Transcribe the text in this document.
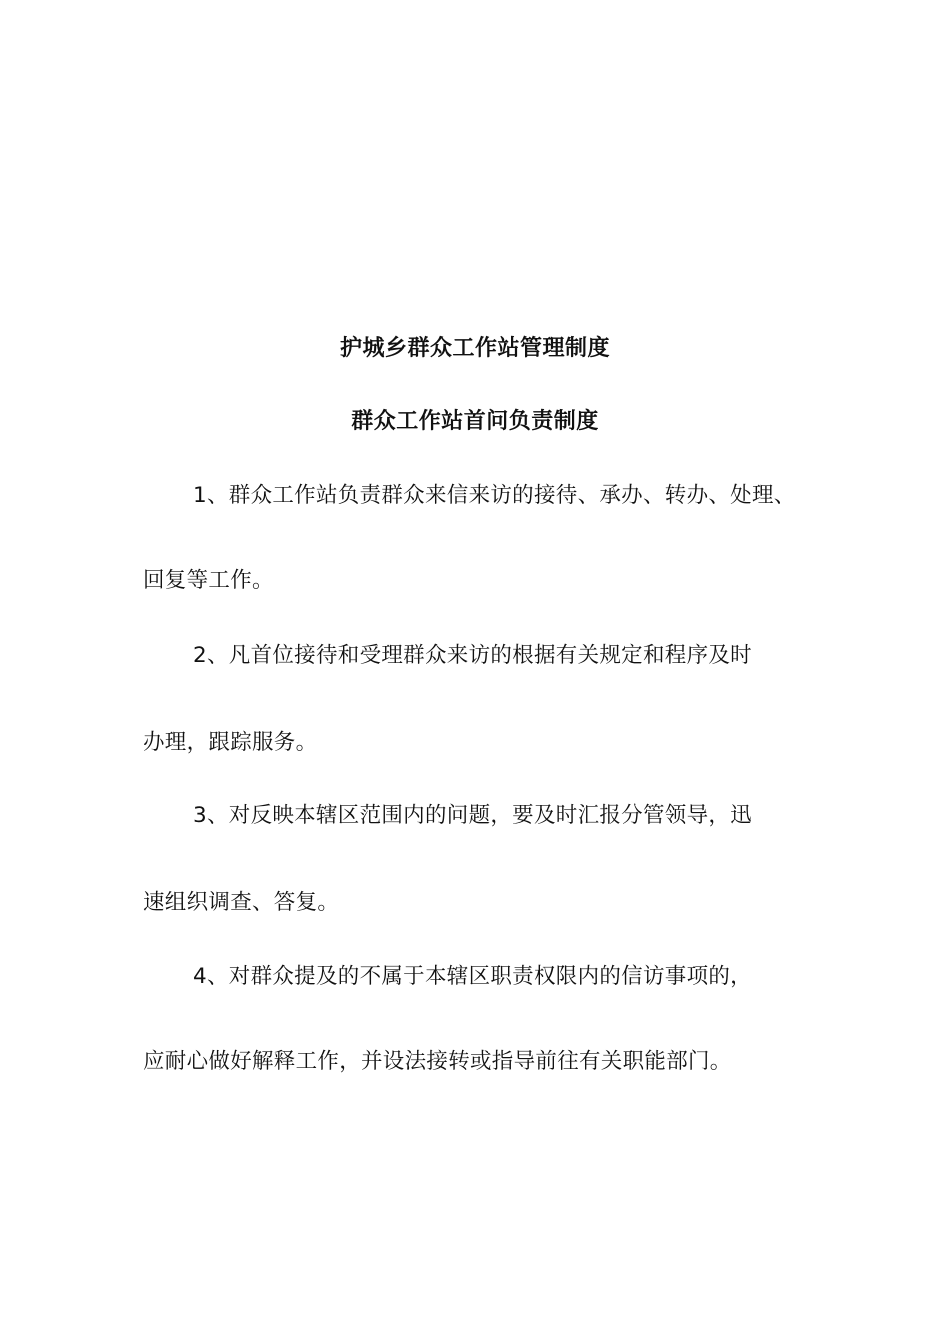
护城乡群众工作站管理制度
群众工作站首问负责制度

1、群众工作站负责群众来信来访的接待、承办、转办、处理、

回复等工作。

2、凡首位接待和受理群众来访的根据有关规定和程序及时

办理，跟踪服务。

3、对反映本辖区范围内的问题，要及时汇报分管领导，迅

速组织调查、答复。

4、对群众提及的不属于本辖区职责权限内的信访事项的，

应耐心做好解释工作，并设法接转或指导前往有关职能部门。
